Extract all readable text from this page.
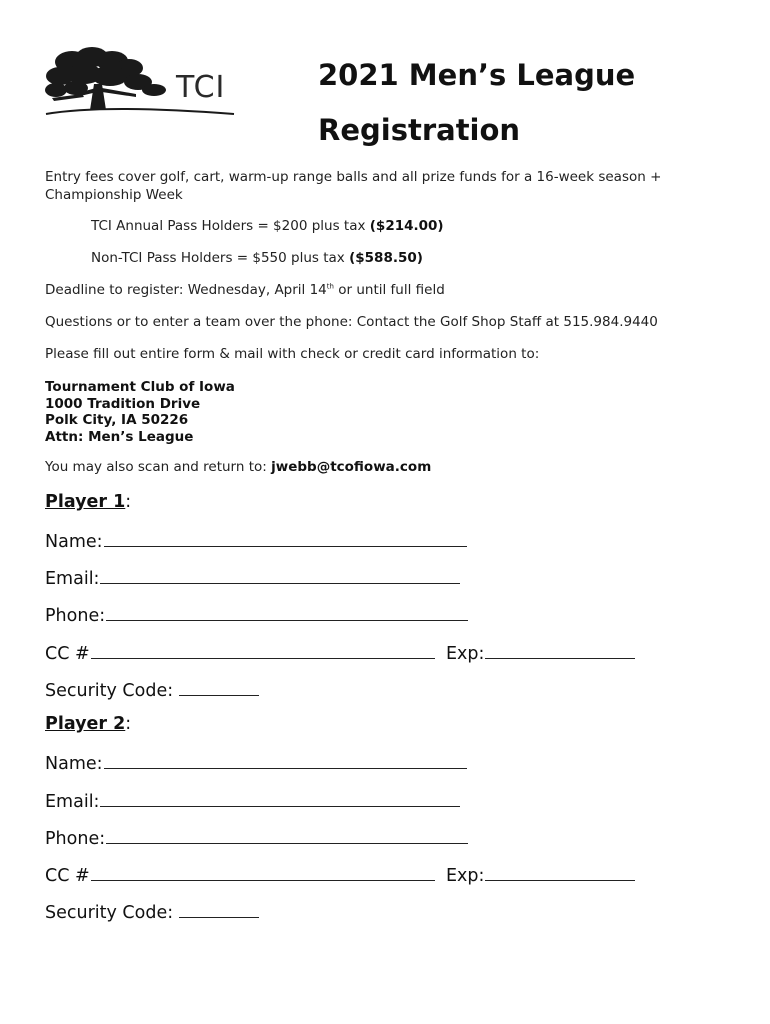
TCI	2021 Men’s League
Registration
Entry fees cover golf, cart, warm-up range balls and all prize funds for a 16-week season + Championship Week
TCI Annual Pass Holders = $200 plus tax ($214.00)
Non-TCI Pass Holders = $550 plus tax ($588.50)
Deadline to register: Wednesday, April 14th or until full field
Questions or to enter a team over the phone: Contact the Golf Shop Staff at 515.984.9440
Please fill out entire form & mail with check or credit card information to:
Tournament Club of Iowa
1000 Tradition Drive
Polk City, IA 50226
Attn: Men’s League
You may also scan and return to: jwebb@tcofiowa.com
Player 1:
Name:
Email:
Phone:
CC #	Exp:
Security Code:
Player 2:
Name:
Email:
Phone:
CC #	Exp:
Security Code:
